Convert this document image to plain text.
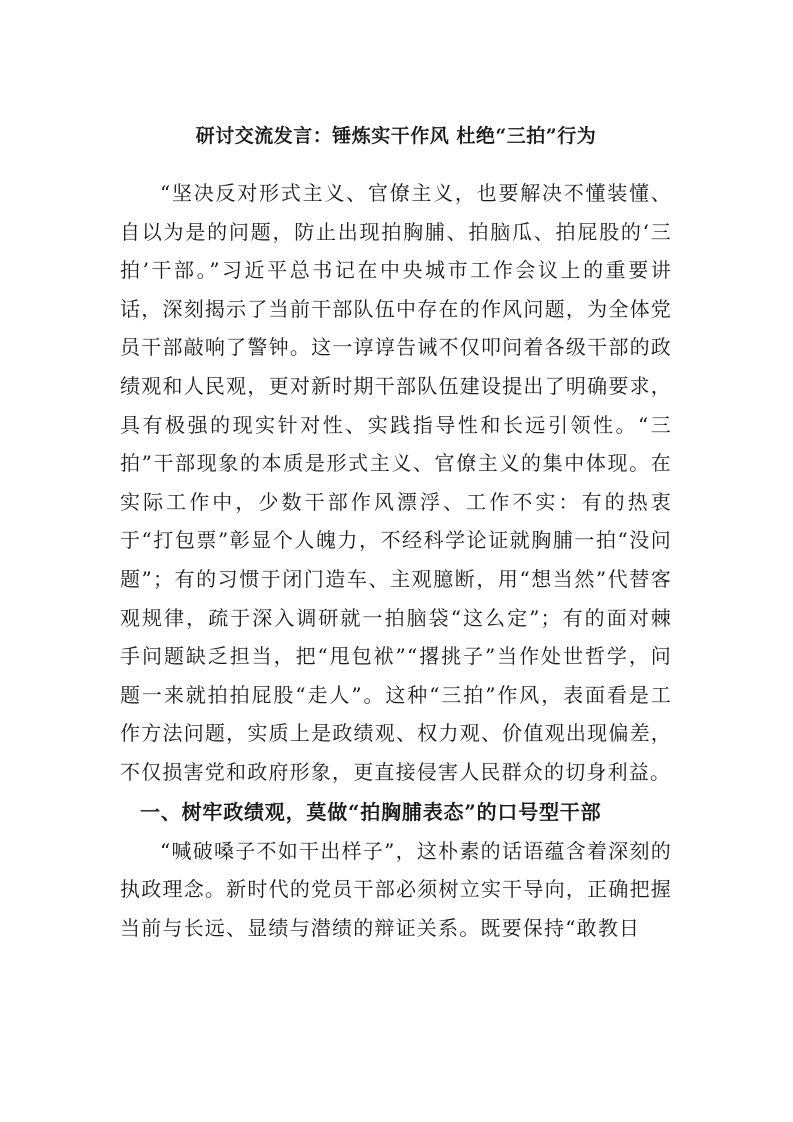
研讨交流发言：锤炼实干作风 杜绝“三拍”行为

“坚决反对形式主义、官僚主义，也要解决不懂装懂、自以为是的问题，防止出现拍胸脯、拍脑瓜、拍屁股的‘三拍’干部。”习近平总书记在中央城市工作会议上的重要讲话，深刻揭示了当前干部队伍中存在的作风问题，为全体党员干部敲响了警钟。这一谆谆告诫不仅叩问着各级干部的政绩观和人民观，更对新时期干部队伍建设提出了明确要求，具有极强的现实针对性、实践指导性和长远引领性。“三拍”干部现象的本质是形式主义、官僚主义的集中体现。在实际工作中，少数干部作风漂浮、工作不实：有的热衷于“打包票”彰显个人魄力，不经科学论证就胸脯一拍“没问题”；有的习惯于闭门造车、主观臆断，用“想当然”代替客观规律，疏于深入调研就一拍脑袋“这么定”；有的面对棘手问题缺乏担当，把“甩包袱”“撂挑子”当作处世哲学，问题一来就拍拍屁股“走人”。这种“三拍”作风，表面看是工作方法问题，实质上是政绩观、权力观、价值观出现偏差，不仅损害党和政府形象，更直接侵害人民群众的切身利益。

一、树牢政绩观，莫做“拍胸脯表态”的口号型干部

“喊破嗓子不如干出样子”，这朴素的话语蕴含着深刻的执政理念。新时代的党员干部必须树立实干导向，正确把握当前与长远、显绩与潜绩的辩证关系。既要保持“敢教日
